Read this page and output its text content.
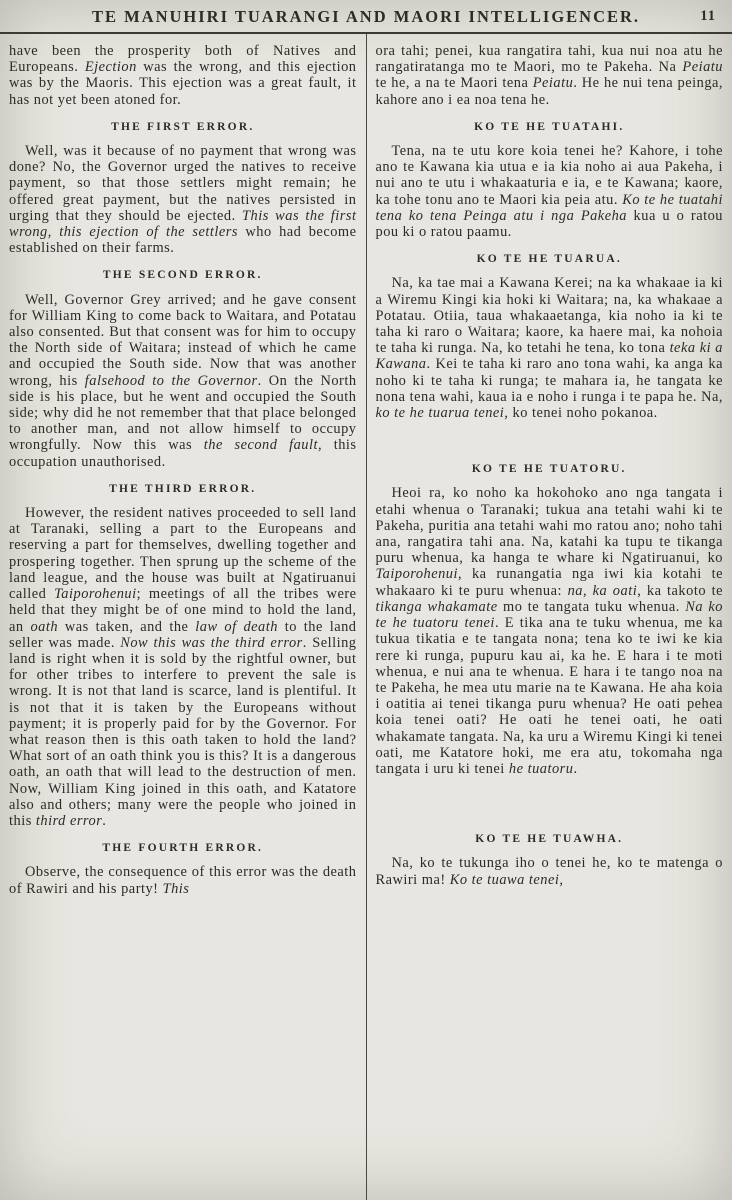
TE MANUHIRI TUARANGI AND MAORI INTELLIGENCER.	11

have been the prosperity both of Natives and Europeans. Ejection was the wrong, and this ejection was by the Maoris. This ejection was a great fault, it has not yet been atoned for.

THE FIRST ERROR.

Well, was it because of no payment that wrong was done? No, the Governor urged the natives to receive payment, so that those settlers might remain; he offered great payment, but the natives persisted in urging that they should be ejected. This was the first wrong, this ejection of the settlers who had become established on their farms.

THE SECOND ERROR.

Well, Governor Grey arrived; and he gave consent for William King to come back to Waitara, and Potatau also consented. But that consent was for him to occupy the North side of Waitara; instead of which he came and occupied the South side. Now that was another wrong, his falsehood to the Governor. On the North side is his place, but he went and occupied the South side; why did he not remember that that place belonged to another man, and not allow himself to occupy wrongfully. Now this was the second fault, this occupation unauthorised.

THE THIRD ERROR.

However, the resident natives proceeded to sell land at Taranaki, selling a part to the Europeans and reserving a part for themselves, dwelling together and prospering together. Then sprung up the scheme of the land league, and the house was built at Ngatiruanui called Taiporohenui; meetings of all the tribes were held that they might be of one mind to hold the land, an oath was taken, and the law of death to the land seller was made. Now this was the third error. Selling land is right when it is sold by the rightful owner, but for other tribes to interfere to prevent the sale is wrong. It is not that land is scarce, land is plentiful. It is not that it is taken by the Europeans without payment; it is properly paid for by the Governor. For what reason then is this oath taken to hold the land? What sort of an oath think you is this? It is a dangerous oath, an oath that will lead to the destruction of men. Now, William King joined in this oath, and Katatore also and others; many were the people who joined in this third error.

THE FOURTH ERROR.

Observe, the consequence of this error was the death of Rawiri and his party! This

ora tahi; penei, kua rangatira tahi, kua nui noa atu he rangatiratanga mo te Maori, mo te Pakeha. Na Peiatu te he, a na te Maori tena Peiatu. He he nui tena peinga, kahore ano i ea noa tena he.

KO TE HE TUATAHI.

Tena, na te utu kore koia tenei he? Kahore, i tohe ano te Kawana kia utua e ia kia noho ai aua Pakeha, i nui ano te utu i whakaaturia e ia, e te Kawana; kaore, ka tohe tonu ano te Maori kia peia atu. Ko te he tuatahi tena ko tena Peinga atu i nga Pakeha kua u o ratou pou ki o ratou paamu.

KO TE HE TUARUA.

Na, ka tae mai a Kawana Kerei; na ka whakaae ia ki a Wiremu Kingi kia hoki ki Waitara; na, ka whakaae a Potatau. Otiia, taua whakaaetanga, kia noho ia ki te taha ki raro o Waitara; kaore, ka haere mai, ka nohoia te taha ki runga. Na, ko tetahi he tena, ko tona teka ki a Kawana. Kei te taha ki raro ano tona wahi, ka anga ka noho ki te taha ki runga; te mahara ia, he tangata ke nona tena wahi, kaua ia e noho i runga i te papa he. Na, ko te he tuarua tenei, ko tenei noho pokanoa.

KO TE HE TUATORU.

Heoi ra, ko noho ka hokohoko ano nga tangata i etahi whenua o Taranaki; tukua ana tetahi wahi ki te Pakeha, puritia ana tetahi wahi mo ratou ano; noho tahi ana, rangatira tahi ana. Na, katahi ka tupu te tikanga puru whenua, ka hanga te whare ki Ngatiruanui, ko Taiporohenui, ka runangatia nga iwi kia kotahi te whakaaro ki te puru whenua: na, ka oati, ka takoto te tikanga whakamate mo te tangata tuku whenua. Na ko te he tuatoru tenei. E tika ana te tuku whenua, me ka tukua tikatia e te tangata nona; tena ko te iwi ke kia rere ki runga, pupuru kau ai, ka he. E hara i te moti whenua, e nui ana te whenua. E hara i te tango noa na te Pakeha, he mea utu marie na te Kawana. He aha koia i oatitia ai tenei tikanga puru whenua? He oati pehea koia tenei oati? He oati he tenei oati, he oati whakamate tangata. Na, ka uru a Wiremu Kingi ki tenei oati, me Katatore hoki, me era atu, tokomaha nga tangata i uru ki tenei he tuatoru.

KO TE HE TUAWHA.

Na, ko te tukunga iho o tenei he, ko te matenga o Rawiri ma! Ko te tuawa tenei,
